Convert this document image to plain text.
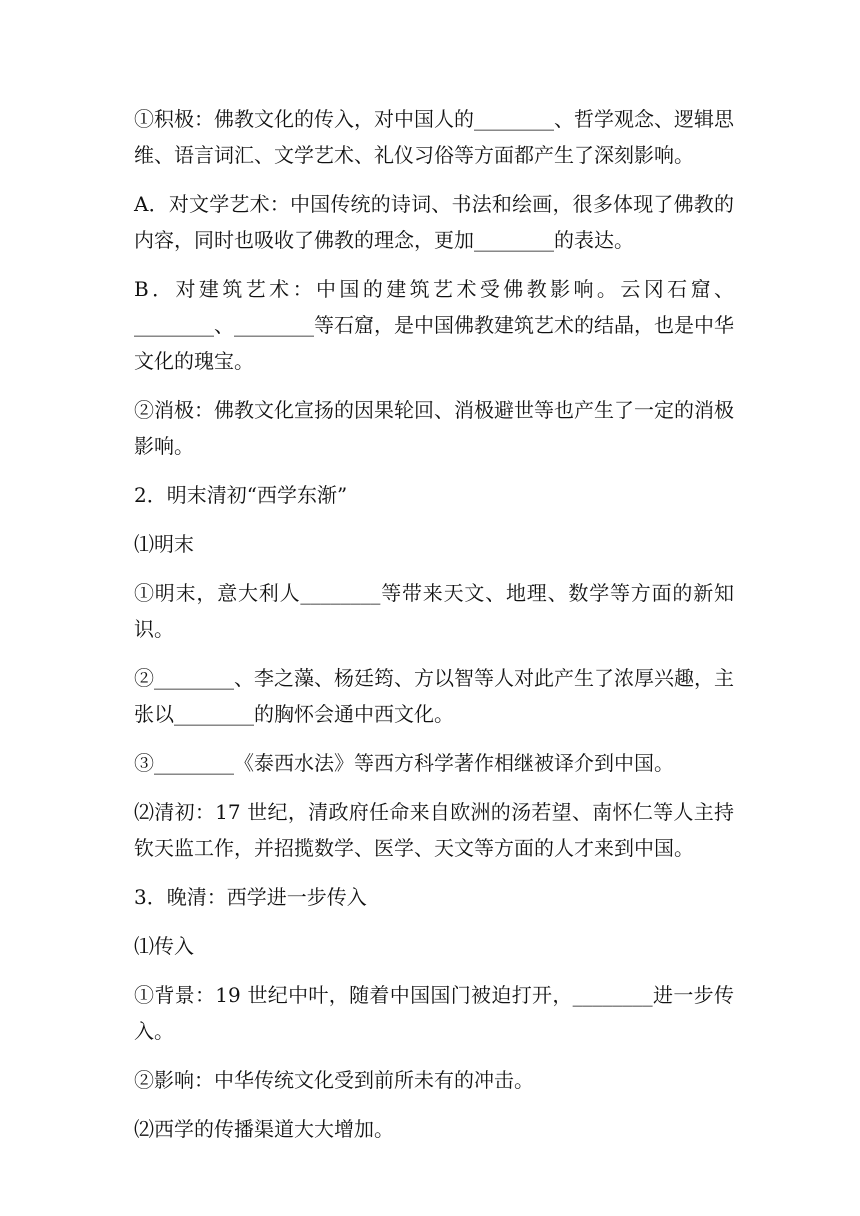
①积极：佛教文化的传入，对中国人的________、哲学观念、逻辑思维、语言词汇、文学艺术、礼仪习俗等方面都产生了深刻影响。

A．对文学艺术：中国传统的诗词、书法和绘画，很多体现了佛教的内容，同时也吸收了佛教的理念，更加________的表达。

B．对建筑艺术：中国的建筑艺术受佛教影响。云冈石窟、________、________等石窟，是中国佛教建筑艺术的结晶，也是中华文化的瑰宝。

②消极：佛教文化宣扬的因果轮回、消极避世等也产生了一定的消极影响。

2．明末清初“西学东渐”

⑴明末

①明末，意大利人________等带来天文、地理、数学等方面的新知识。

②________、李之藻、杨廷筠、方以智等人对此产生了浓厚兴趣，主张以________的胸怀会通中西文化。

③________《泰西水法》等西方科学著作相继被译介到中国。

⑵清初：17 世纪，清政府任命来自欧洲的汤若望、南怀仁等人主持钦天监工作，并招揽数学、医学、天文等方面的人才来到中国。

3．晚清：西学进一步传入

⑴传入

①背景：19 世纪中叶，随着中国国门被迫打开，________进一步传入。

②影响：中华传统文化受到前所未有的冲击。

⑵西学的传播渠道大大增加。
